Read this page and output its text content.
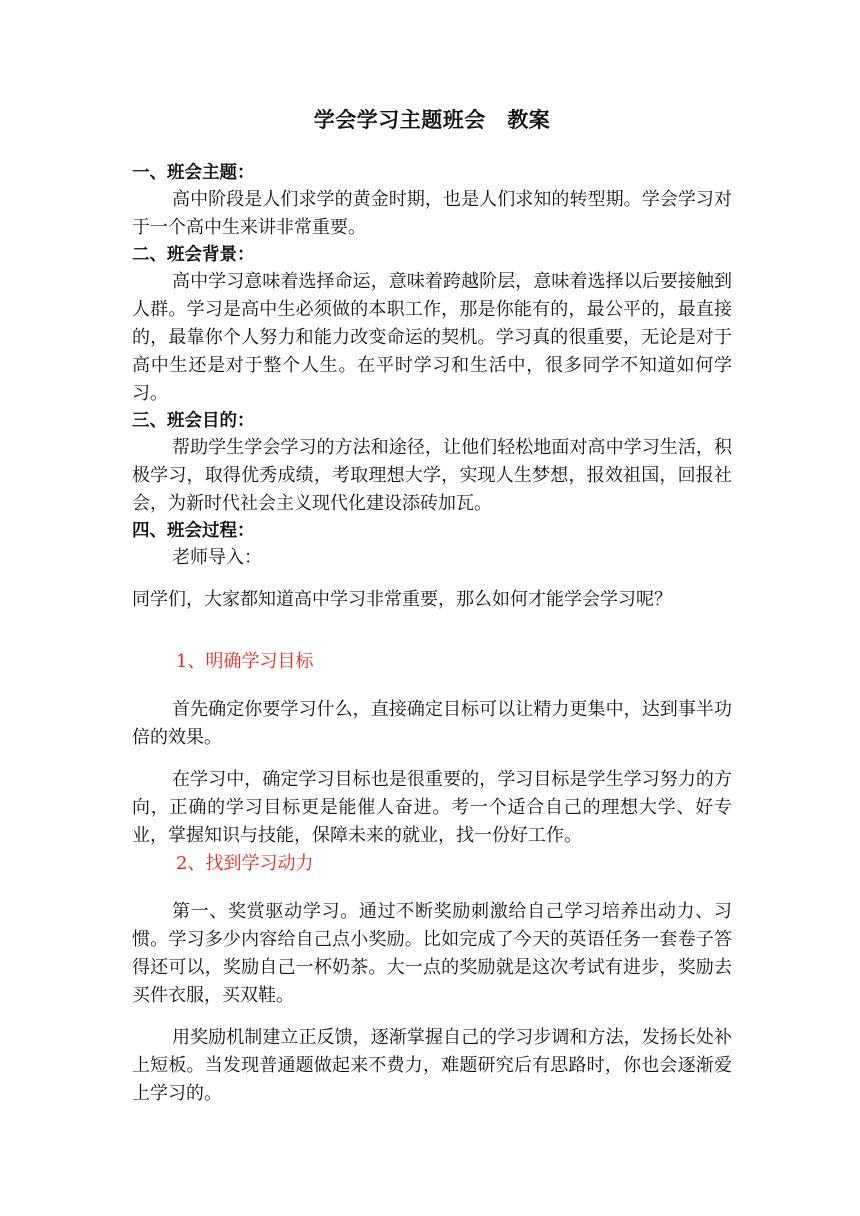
学会学习主题班会　教案
一、班会主题：

高中阶段是人们求学的黄金时期，也是人们求知的转型期。学会学习对于一个高中生来讲非常重要。

二、班会背景：

高中学习意味着选择命运，意味着跨越阶层，意味着选择以后要接触到人群。学习是高中生必须做的本职工作，那是你能有的，最公平的，最直接的，最靠你个人努力和能力改变命运的契机。学习真的很重要，无论是对于高中生还是对于整个人生。在平时学习和生活中，很多同学不知道如何学习。

三、班会目的：

帮助学生学会学习的方法和途径，让他们轻松地面对高中学习生活，积极学习，取得优秀成绩，考取理想大学，实现人生梦想，报效祖国，回报社会，为新时代社会主义现代化建设添砖加瓦。

四、班会过程：

老师导入：

同学们，大家都知道高中学习非常重要，那么如何才能学会学习呢？

1、明确学习目标

首先确定你要学习什么，直接确定目标可以让精力更集中，达到事半功倍的效果。

在学习中，确定学习目标也是很重要的，学习目标是学生学习努力的方向，正确的学习目标更是能催人奋进。考一个适合自己的理想大学、好专业，掌握知识与技能，保障未来的就业，找一份好工作。

2、找到学习动力

第一、奖赏驱动学习。通过不断奖励刺激给自己学习培养出动力、习惯。学习多少内容给自己点小奖励。比如完成了今天的英语任务一套卷子答得还可以，奖励自己一杯奶茶。大一点的奖励就是这次考试有进步，奖励去买件衣服，买双鞋。

用奖励机制建立正反馈，逐渐掌握自己的学习步调和方法，发扬长处补上短板。当发现普通题做起来不费力，难题研究后有思路时，你也会逐渐爱上学习的。
